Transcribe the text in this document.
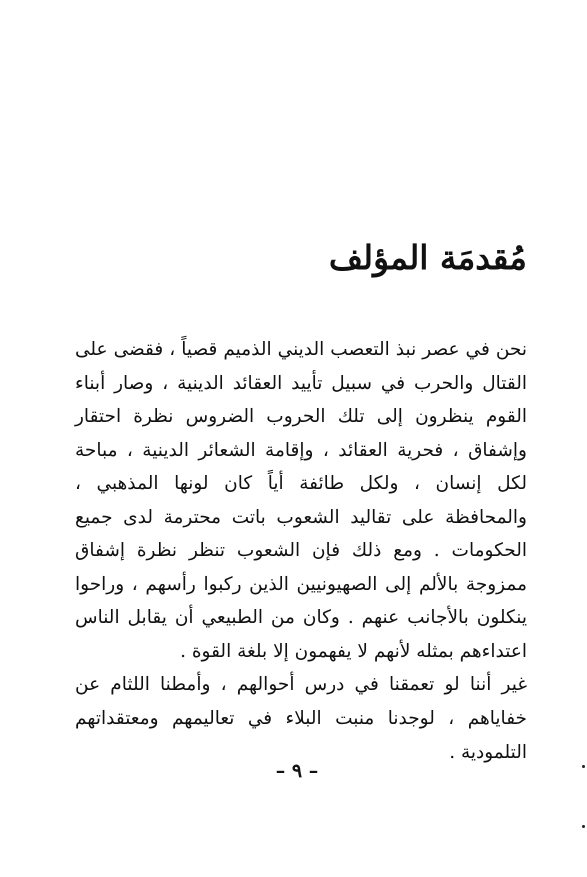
مُقدمَة المؤلف

نحن في عصر نبذ التعصب الديني الذميم قصياً ، فقضى على القتال والحرب في سبيل تأييد العقائد الدينية ، وصار أبناء القوم ينظرون إلى تلك الحروب الضروس نظرة احتقار وإشفاق ، فحرية العقائد ، وإقامة الشعائر الدينية ، مباحة لكل إنسان ، ولكل طائفة أياً كان لونها المذهبي ، والمحافظة على تقاليد الشعوب باتت محترمة لدى جميع الحكومات . ومع ذلك فإن الشعوب تنظر نظرة إشفاق ممزوجة بالألم إلى الصهيونيين الذين ركبوا رأسهم ، وراحوا ينكلون بالأجانب عنهم . وكان من الطبيعي أن يقابل الناس اعتداءهم بمثله لأنهم لا يفهمون إلا بلغة القوة .

غير أننا لو تعمقنا في درس أحوالهم ، وأمطنا اللثام عن خفاياهم ، لوجدنا منبت البلاء في تعاليمهم ومعتقداتهم التلمودية .

– ٩ –
